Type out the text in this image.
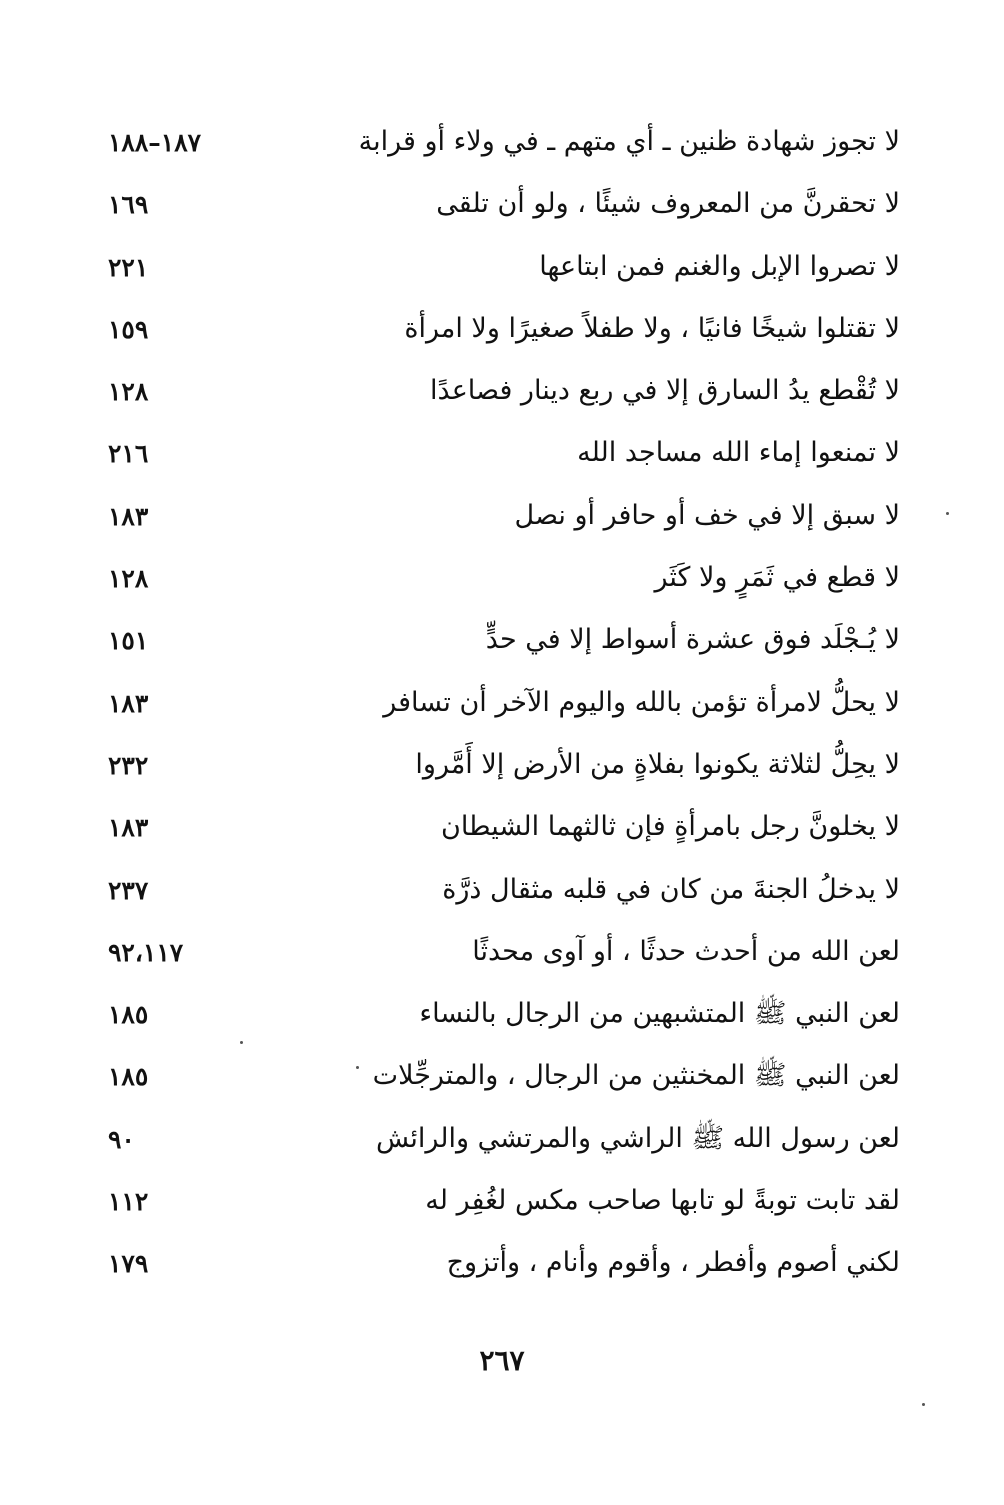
لا تجوز شهادة ظنين ـ أي متهم ـ في ولاء أو قرابة
١٨٧–١٨٨
لا تحقرنَّ من المعروف شيئًا ، ولو أن تلقى
١٦٩
لا تصروا الإبل والغنم فمن ابتاعها
٢٢١
لا تقتلوا شيخًا فانيًا ، ولا طفلاً صغيرًا ولا امرأة
١٥٩
لا تُقْطع يدُ السارق إلا في ربع دينار فصاعدًا
١٢٨
لا تمنعوا إماء الله مساجد الله
٢١٦
لا سبق إلا في خف أو حافر أو نصل
١٨٣
لا قطع في ثَمَرٍ ولا كَثَر
١٢٨
لا يُـجْلَد فوق عشرة أسواط إلا في حدٍّ
١٥١
لا يحلُّ لامرأة تؤمن بالله واليوم الآخر أن تسافر
١٨٣
لا يحِلُّ لثلاثة يكونوا بفلاةٍ من الأرض إلا أَمَّروا
٢٣٢
لا يخلونَّ رجل بامرأةٍ فإن ثالثهما الشيطان
١٨٣
لا يدخلُ الجنةَ من كان في قلبه مثقال ذرَّة
٢٣٧
لعن الله من أحدث حدثًا ، أو آوى محدثًا
٩٢،١١٧
لعن النبي ﷺ المتشبهين من الرجال بالنساء
١٨٥
لعن النبي ﷺ المخنثين من الرجال ، والمترجِّلات
١٨٥
لعن رسول الله ﷺ الراشي والمرتشي والرائش
٩٠
لقد تابت توبةً لو تابها صاحب مكس لغُفِر له
١١٢
لكني أصوم وأفطر ، وأقوم وأنام ، وأتزوج
١٧٩
٢٦٧
